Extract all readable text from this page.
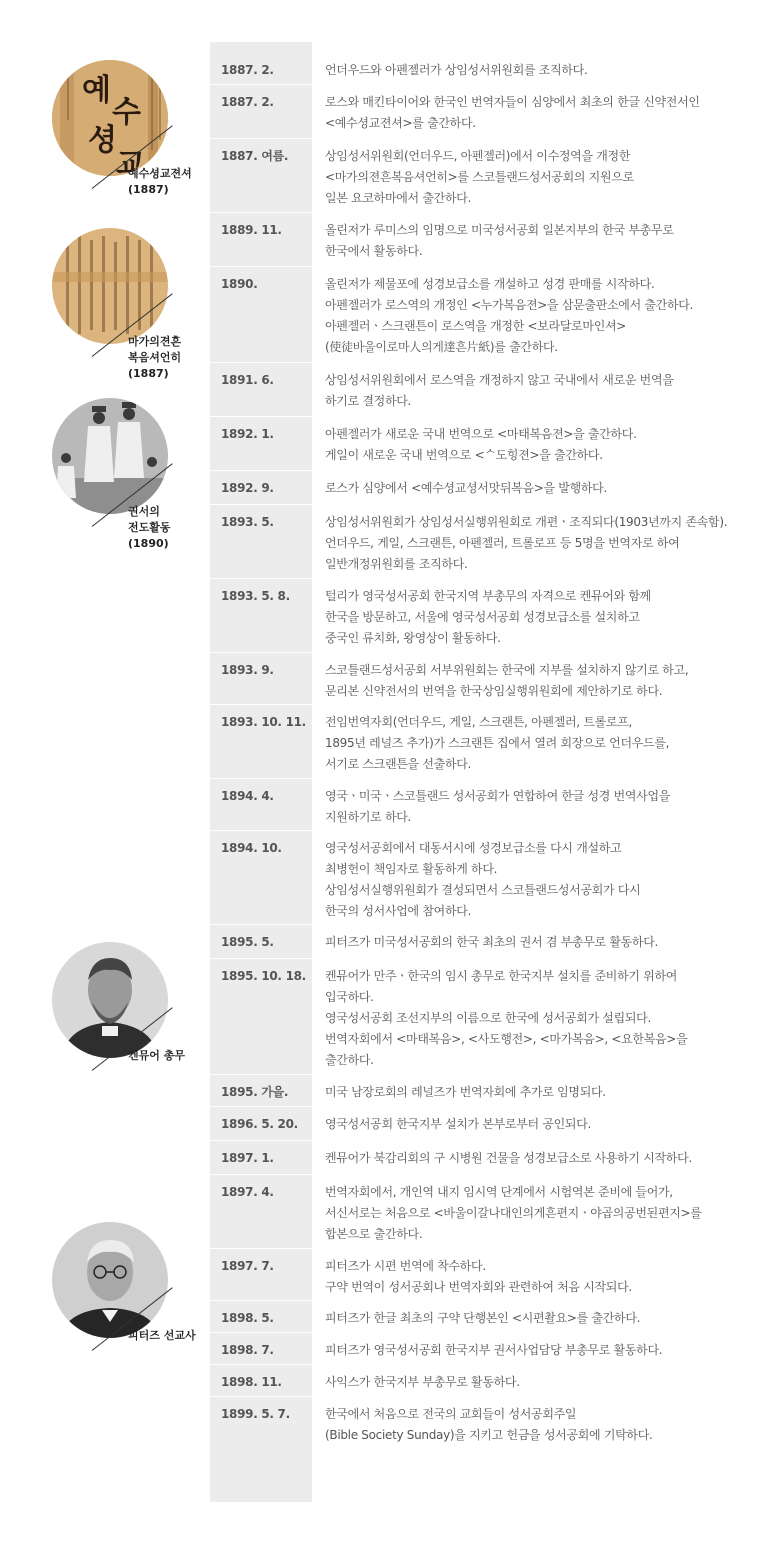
예
수
셩
교
예수셩교젼셔
(1887)
마가의젼흔
복음셔언히
(1887)
권서의
전도활동
(1890)
켄뮤어 총무
피터즈 선교사
1887. 2.	언더우드와 아펜젤러가 상임성서위원회를 조직하다.
1887. 2.	로스와 매킨타이어와 한국인 번역자들이 심양에서 최초의 한글 신약전서인
<예수셩교젼셔>를 출간하다.
1887. 여름.	상임성서위원회(언더우드, 아펜젤러)에서 이수정역을 개정한
<마가의젼흔복음셔언히>를 스코틀랜드성서공회의 지원으로
일본 요코하마에서 출간하다.
1889. 11.	올린저가 루미스의 임명으로 미국성서공회 일본지부의 한국 부총무로
한국에서 활동하다.
1890.	올린저가 제물포에 성경보급소를 개설하고 성경 판매를 시작하다.
아펜젤러가 로스역의 개정인 <누가복음젼>을 삼문출판소에서 출간하다.
아펜젤러ㆍ스크랜튼이 로스역을 개정한 <보라달로마인셔>
(使徒바울이로마人의게達흔片紙)를 출간하다.
1891. 6.	상임성서위원회에서 로스역을 개정하지 않고 국내에서 새로운 번역을
하기로 결정하다.
1892. 1.	아펜젤러가 새로운 국내 번역으로 <마태복음젼>을 출간하다.
게일이 새로운 국내 번역으로 <ᄉ도힝젼>을 출간하다.
1892. 9.	로스가 심양에서 <예수셩교셩서맛뒤복음>을 발행하다.
1893. 5.	상임성서위원회가 상임성서실행위원회로 개편ㆍ조직되다(1903년까지 존속함).
언더우드, 게일, 스크랜튼, 아펜젤러, 트롤로프 등 5명을 번역자로 하여
일반개정위원회를 조직하다.
1893. 5. 8.	털리가 영국성서공회 한국지역 부총무의 자격으로 켄뮤어와 함께
한국을 방문하고, 서울에 영국성서공회 성경보급소를 설치하고
중국인 류치화, 왕영상이 활동하다.
1893. 9.	스코틀랜드성서공회 서부위원회는 한국에 지부를 설치하지 않기로 하고,
문리본 신약전서의 번역을 한국상임실행위원회에 제안하기로 하다.
1893. 10. 11.	전임번역자회(언더우드, 게일, 스크랜튼, 아펜젤러, 트롤로프,
1895년 레널즈 추가)가 스크랜튼 집에서 열려 회장으로 언더우드를,
서기로 스크랜튼을 선출하다.
1894. 4.	영국ㆍ미국ㆍ스코틀랜드 성서공회가 연합하여 한글 성경 번역사업을
지원하기로 하다.
1894. 10.	영국성서공회에서 대동서시에 성경보급소를 다시 개설하고
최병헌이 책임자로 활동하게 하다.
상임성서실행위원회가 결성되면서 스코틀랜드성서공회가 다시
한국의 성서사업에 참여하다.
1895. 5.	피터즈가 미국성서공회의 한국 최초의 권서 겸 부총무로 활동하다.
1895. 10. 18.	켄뮤어가 만주ㆍ한국의 임시 총무로 한국지부 설치를 준비하기 위하여
입국하다.
영국성서공회 조선지부의 이름으로 한국에 성서공회가 설립되다.
번역자회에서 <마태복음>, <사도행전>, <마가복음>, <요한복음>을
출간하다.
1895. 가을.	미국 남장로회의 레널즈가 번역자회에 추가로 임명되다.
1896. 5. 20.	영국성서공회 한국지부 설치가 본부로부터 공인되다.
1897. 1.	켄뮤어가 북감리회의 구 시병원 건물을 성경보급소로 사용하기 시작하다.
1897. 4.	번역자회에서, 개인역 내지 임시역 단계에서 시험역본 준비에 들어가,
서신서로는 처음으로 <바울이갈나대인의게흔편지ㆍ야곱의공번된편지>를
합본으로 출간하다.
1897. 7.	피터즈가 시편 번역에 착수하다.
구약 번역이 성서공회나 번역자회와 관련하여 처음 시작되다.
1898. 5.	피터즈가 한글 최초의 구약 단행본인 <시편촬요>를 출간하다.
1898. 7.	피터즈가 영국성서공회 한국지부 권서사업담당 부총무로 활동하다.
1898. 11.	사익스가 한국지부 부총무로 활동하다.
1899. 5. 7.	한국에서 처음으로 전국의 교회들이 성서공회주일
(Bible Society Sunday)을 지키고 헌금을 성서공회에 기탁하다.
